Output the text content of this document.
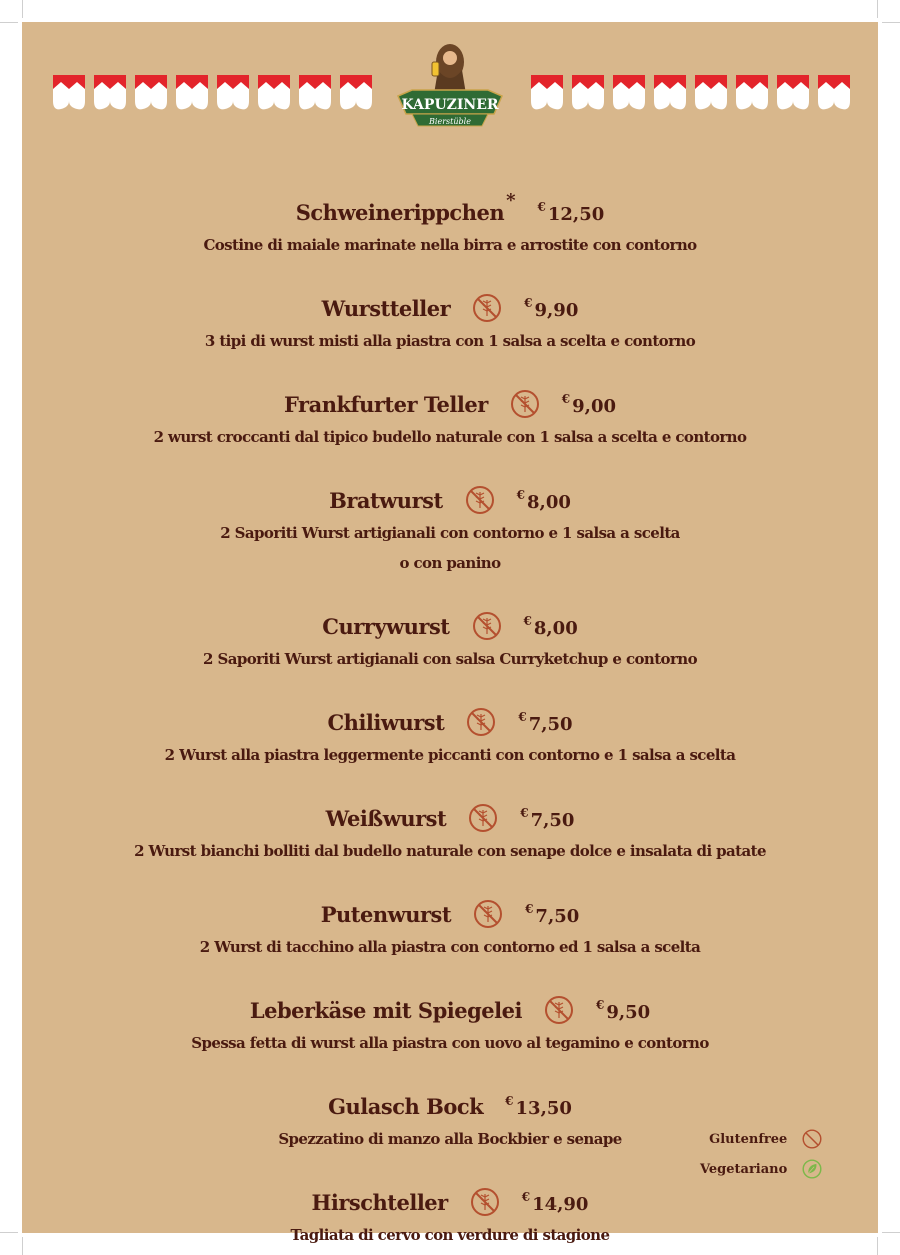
KAPUZINER
Bierstüble
Schweinerippchen * € 12,50
Costine di maiale marinate nella birra e arrostite con contorno
Wurstteller	€ 9,90
3 tipi di wurst misti alla piastra con 1 salsa a scelta e contorno
Frankfurter Teller	€ 9,00
2 wurst croccanti dal tipico budello naturale con 1 salsa a scelta e contorno
Bratwurst	€ 8,00
2 Saporiti Wurst artigianali con contorno e 1 salsa a scelta
o con panino
Currywurst	€ 8,00
2 Saporiti Wurst artigianali con salsa Curryketchup e contorno
Chiliwurst	€ 7,50
2 Wurst alla piastra leggermente piccanti con contorno e 1 salsa a scelta
Weißwurst	€ 7,50
2 Wurst bianchi bolliti dal budello naturale con senape dolce e insalata di patate
Putenwurst	€ 7,50
2 Wurst di tacchino alla piastra con contorno ed 1 salsa a scelta
Leberkäse mit Spiegelei	€ 9,50
Spessa fetta di wurst alla piastra con uovo al tegamino e contorno
Gulasch Bock € 13,50
Spezzatino di manzo alla Bockbier e senape
Hirschteller	€ 14,90
Tagliata di cervo con verdure di stagione
Glutenfree
Vegetariano
